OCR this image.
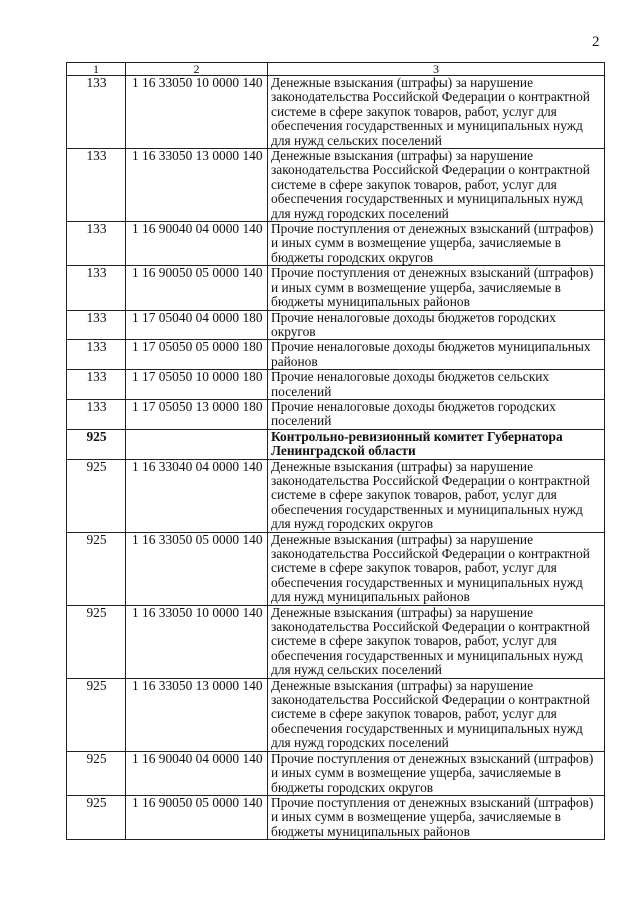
2
1	2	3
133	1 16 33050 10 0000 140	Денежные взыскания (штрафы) за нарушение законодательства Российской Федерации о контрактной системе в сфере закупок товаров, работ, услуг для обеспечения государственных и муниципальных нужд для нужд сельских поселений
133	1 16 33050 13 0000 140	Денежные взыскания (штрафы) за нарушение законодательства Российской Федерации о контрактной системе в сфере закупок товаров, работ, услуг для обеспечения государственных и муниципальных нужд для нужд городских поселений
133	1 16 90040 04 0000 140	Прочие поступления от денежных взысканий (штрафов) и иных сумм в возмещение ущерба, зачисляемые в бюджеты городских округов
133	1 16 90050 05 0000 140	Прочие поступления от денежных взысканий (штрафов) и иных сумм в возмещение ущерба, зачисляемые в бюджеты муниципальных районов
133	1 17 05040 04 0000 180	Прочие неналоговые доходы бюджетов городских округов
133	1 17 05050 05 0000 180	Прочие неналоговые доходы бюджетов муниципальных районов
133	1 17 05050 10 0000 180	Прочие неналоговые доходы бюджетов сельских поселений
133	1 17 05050 13 0000 180	Прочие неналоговые доходы бюджетов городских поселений
925		Контрольно-ревизионный комитет Губернатора Ленинградской области
925	1 16 33040 04 0000 140	Денежные взыскания (штрафы) за нарушение законодательства Российской Федерации о контрактной системе в сфере закупок товаров, работ, услуг для обеспечения государственных и муниципальных нужд для нужд городских округов
925	1 16 33050 05 0000 140	Денежные взыскания (штрафы) за нарушение законодательства Российской Федерации о контрактной системе в сфере закупок товаров, работ, услуг для обеспечения государственных и муниципальных нужд для нужд муниципальных районов
925	1 16 33050 10 0000 140	Денежные взыскания (штрафы) за нарушение законодательства Российской Федерации о контрактной системе в сфере закупок товаров, работ, услуг для обеспечения государственных и муниципальных нужд для нужд сельских поселений
925	1 16 33050 13 0000 140	Денежные взыскания (штрафы) за нарушение законодательства Российской Федерации о контрактной системе в сфере закупок товаров, работ, услуг для обеспечения государственных и муниципальных нужд для нужд городских поселений
925	1 16 90040 04 0000 140	Прочие поступления от денежных взысканий (штрафов) и иных сумм в возмещение ущерба, зачисляемые в бюджеты городских округов
925	1 16 90050 05 0000 140	Прочие поступления от денежных взысканий (штрафов) и иных сумм в возмещение ущерба, зачисляемые в бюджеты муниципальных районов
